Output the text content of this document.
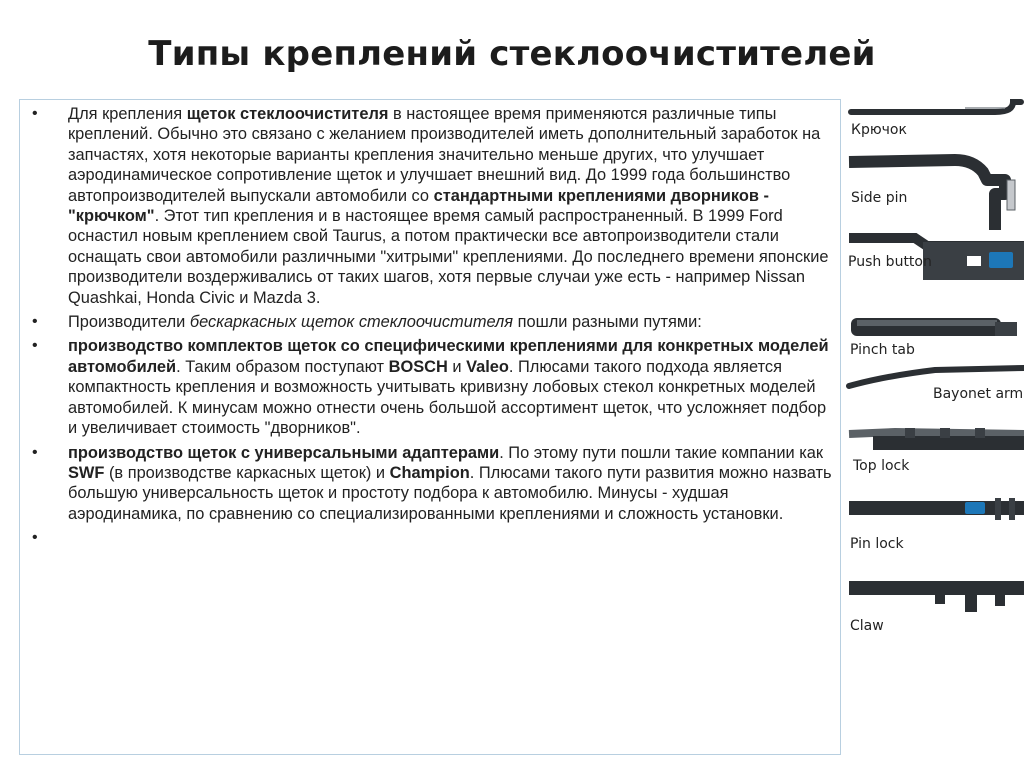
Типы креплений стеклоочистителей
• Для крепления щеток стеклоочистителя в настоящее время применяются различные типы креплений. Обычно это связано с желанием производителей иметь дополнительный заработок на запчастях, хотя некоторые варианты крепления значительно меньше других, что улучшает аэродинамическое сопротивление щеток и улучшает внешний вид. До 1999 года большинство автопроизводителей выпускали автомобили со стандартными креплениями дворников - "крючком". Этот тип крепления и в настоящее время самый распространенный. В 1999 Ford оснастил новым креплением свой Taurus, а потом практически все автопроизводители стали оснащать свои автомобили различными "хитрыми" креплениями. До последнего времени японские производители воздерживались от таких шагов, хотя первые случаи уже есть - например Nissan Quashkai, Honda Civic и Mazda 3.
• Производители бескаркасных щеток стеклоочистителя пошли разными путями:
• производство комплектов щеток со специфическими креплениями для конкретных моделей автомобилей. Таким образом поступают BOSCH и Valeo. Плюсами такого подхода является компактность крепления и возможность учитывать кривизну лобовых стекол конкретных моделей автомобилей. К минусам можно отнести очень большой ассортимент щеток, что усложняет подбор и увеличивает стоимость "дворников".
• производство щеток с универсальными адаптерами. По этому пути пошли такие компании как SWF (в производстве каркасных щеток) и Champion. Плюсами такого пути развития можно назвать большую универсальность щеток и простоту подбора к автомобилю. Минусы - худшая аэродинамика, по сравнению со специализированными креплениями и сложность установки.
•

Крючок
Side pin
Push button
Pinch tab
Bayonet arm
Top lock
Pin lock
Claw
